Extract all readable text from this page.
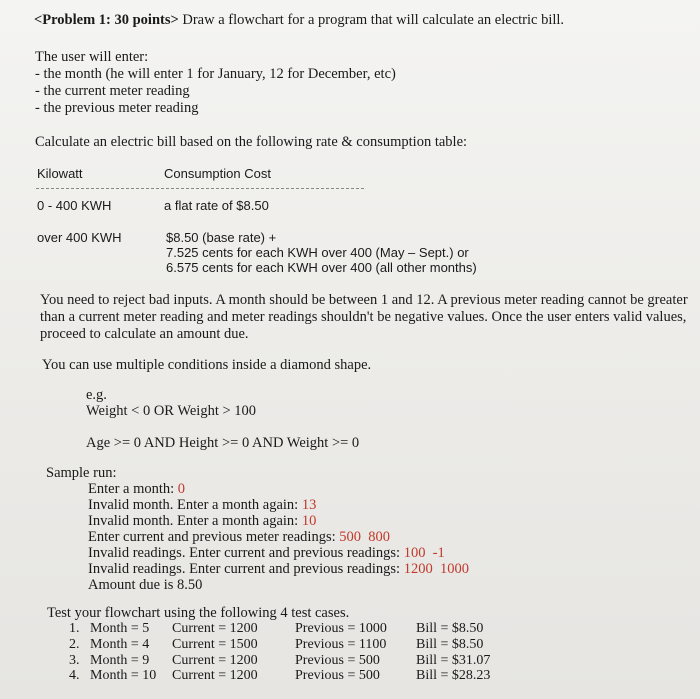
<Problem 1: 30 points> Draw a flowchart for a program that will calculate an electric bill.
The user will enter:
- the month (he will enter 1 for January, 12 for December, etc)
- the current meter reading
- the previous meter reading
Calculate an electric bill based on the following rate & consumption table:
Kilowatt	Consumption Cost
0 - 400 KWH	a flat rate of $8.50
over 400 KWH	$8.50 (base rate) +
7.525 cents for each KWH over 400 (May – Sept.) or
6.575 cents for each KWH over 400 (all other months)
You need to reject bad inputs. A month should be between 1 and 12. A previous meter reading cannot be greater
than a current meter reading and meter readings shouldn't be negative values. Once the user enters valid values,
proceed to calculate an amount due.
You can use multiple conditions inside a diamond shape.
e.g.
Weight < 0 OR Weight > 100
Age >= 0 AND Height >= 0 AND Weight >= 0
Sample run:
Enter a month: 0
Invalid month. Enter a month again: 13
Invalid month. Enter a month again: 10
Enter current and previous meter readings: 500  800
Invalid readings. Enter current and previous readings: 100  -1
Invalid readings. Enter current and previous readings: 1200  1000
Amount due is 8.50
Test your flowchart using the following 4 test cases.
1. Month = 5 Current = 1200	Previous = 1000 Bill = $8.50
2. Month = 4 Current = 1500	Previous = 1100 Bill = $8.50
3. Month = 9 Current = 1200	Previous = 500	Bill = $31.07
4. Month = 10 Current = 1200	Previous = 500	Bill = $28.23
